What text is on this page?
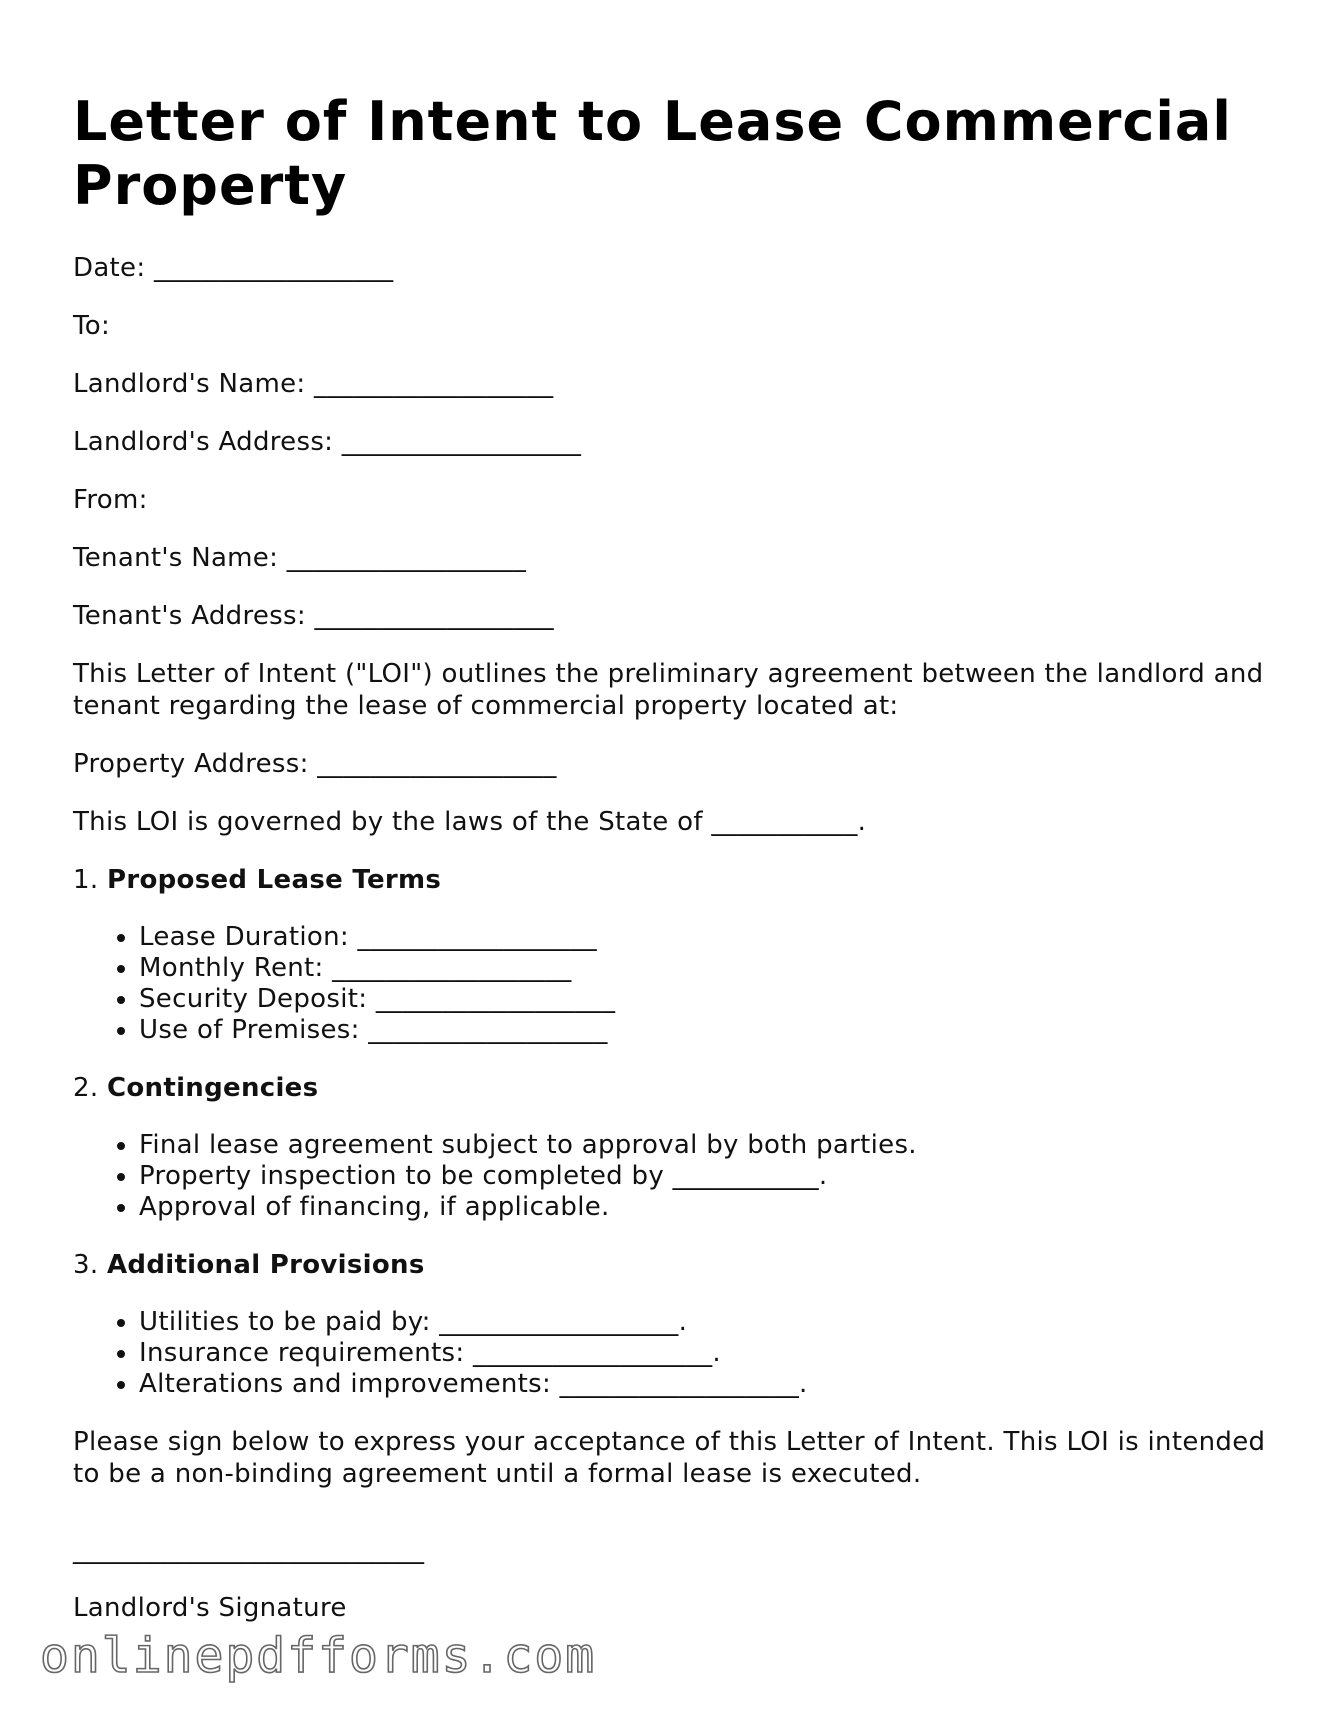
Letter of Intent to Lease Commercial Property

Date: __________________

To:

Landlord's Name: __________________

Landlord's Address: __________________

From:

Tenant's Name: __________________

Tenant's Address: __________________

This Letter of Intent ("LOI") outlines the preliminary agreement between the landlord and tenant regarding the lease of commercial property located at:

Property Address: __________________

This LOI is governed by the laws of the State of ___________.

1. Proposed Lease Terms
• Lease Duration: __________________
• Monthly Rent: __________________
• Security Deposit: __________________
• Use of Premises: __________________
2. Contingencies
• Final lease agreement subject to approval by both parties.
• Property inspection to be completed by ___________.
• Approval of financing, if applicable.
3. Additional Provisions
• Utilities to be paid by: __________________.
• Insurance requirements: __________________.
• Alterations and improvements: __________________.

Please sign below to express your acceptance of this Letter of Intent. This LOI is intended to be a non-binding agreement until a formal lease is executed.

___________________________

Landlord's Signature

onlinepdfforms.com
